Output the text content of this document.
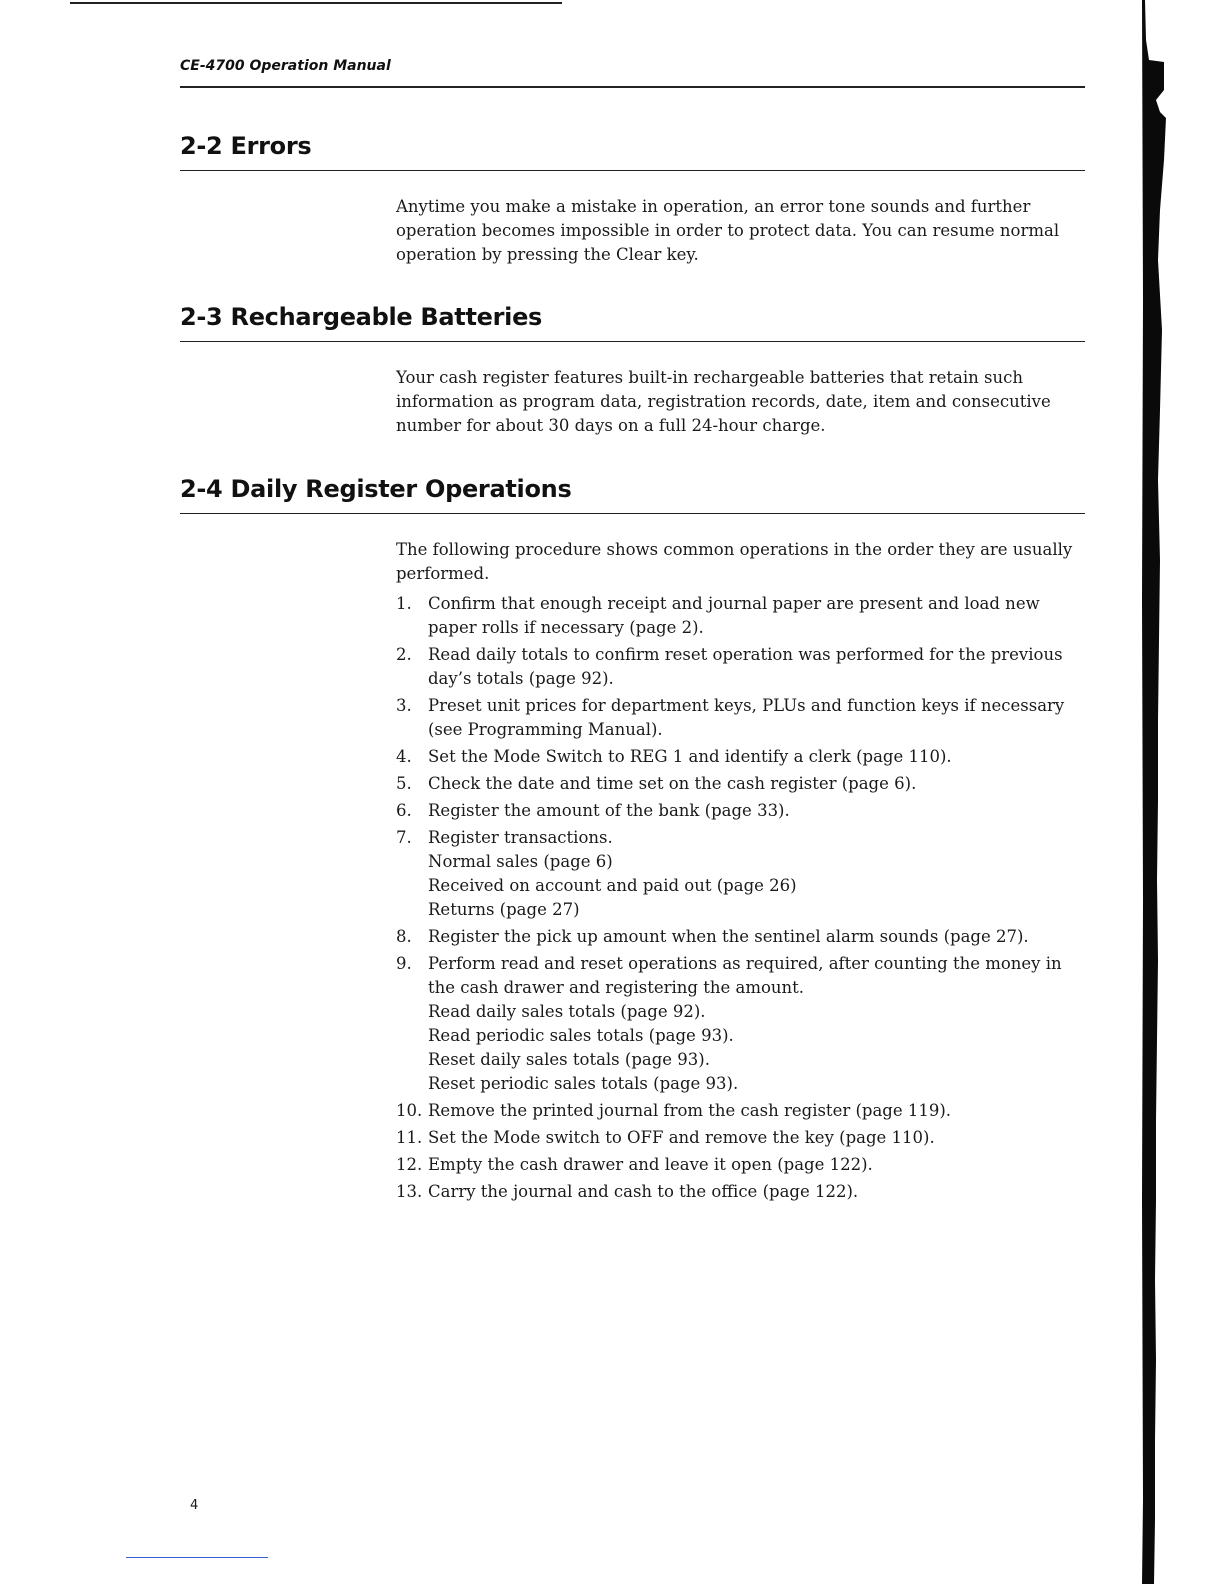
CE-4700 Operation Manual
2-2 Errors

Anytime you make a mistake in operation, an error tone sounds and further operation becomes impossible in order to protect data. You can resume normal operation by pressing the Clear key.

2-3 Rechargeable Batteries

Your cash register features built-in rechargeable batteries that retain such information as program data, registration records, date, item and consecutive number for about 30 days on a full 24-hour charge.

2-4 Daily Register Operations

The following procedure shows common operations in the order they are usually performed.

1. Confirm that enough receipt and journal paper are present and load new paper rolls if necessary (page 2).
2. Read daily totals to confirm reset operation was performed for the previous day’s totals (page 92).
3. Preset unit prices for department keys, PLUs and function keys if necessary (see Programming Manual).
4. Set the Mode Switch to REG 1 and identify a clerk (page 110).
5. Check the date and time set on the cash register (page 6).
6. Register the amount of the bank (page 33).
7. Register transactions.
Normal sales (page 6)
Received on account and paid out (page 26)
Returns (page 27)
8. Register the pick up amount when the sentinel alarm sounds (page 27).
9. Perform read and reset operations as required, after counting the money in the cash drawer and registering the amount.
Read daily sales totals (page 92).
Read periodic sales totals (page 93).
Reset daily sales totals (page 93).
Reset periodic sales totals (page 93).
10. Remove the printed journal from the cash register (page 119).
11. Set the Mode switch to OFF and remove the key (page 110).
12. Empty the cash drawer and leave it open (page 122).
13. Carry the journal and cash to the office (page 122).
4
